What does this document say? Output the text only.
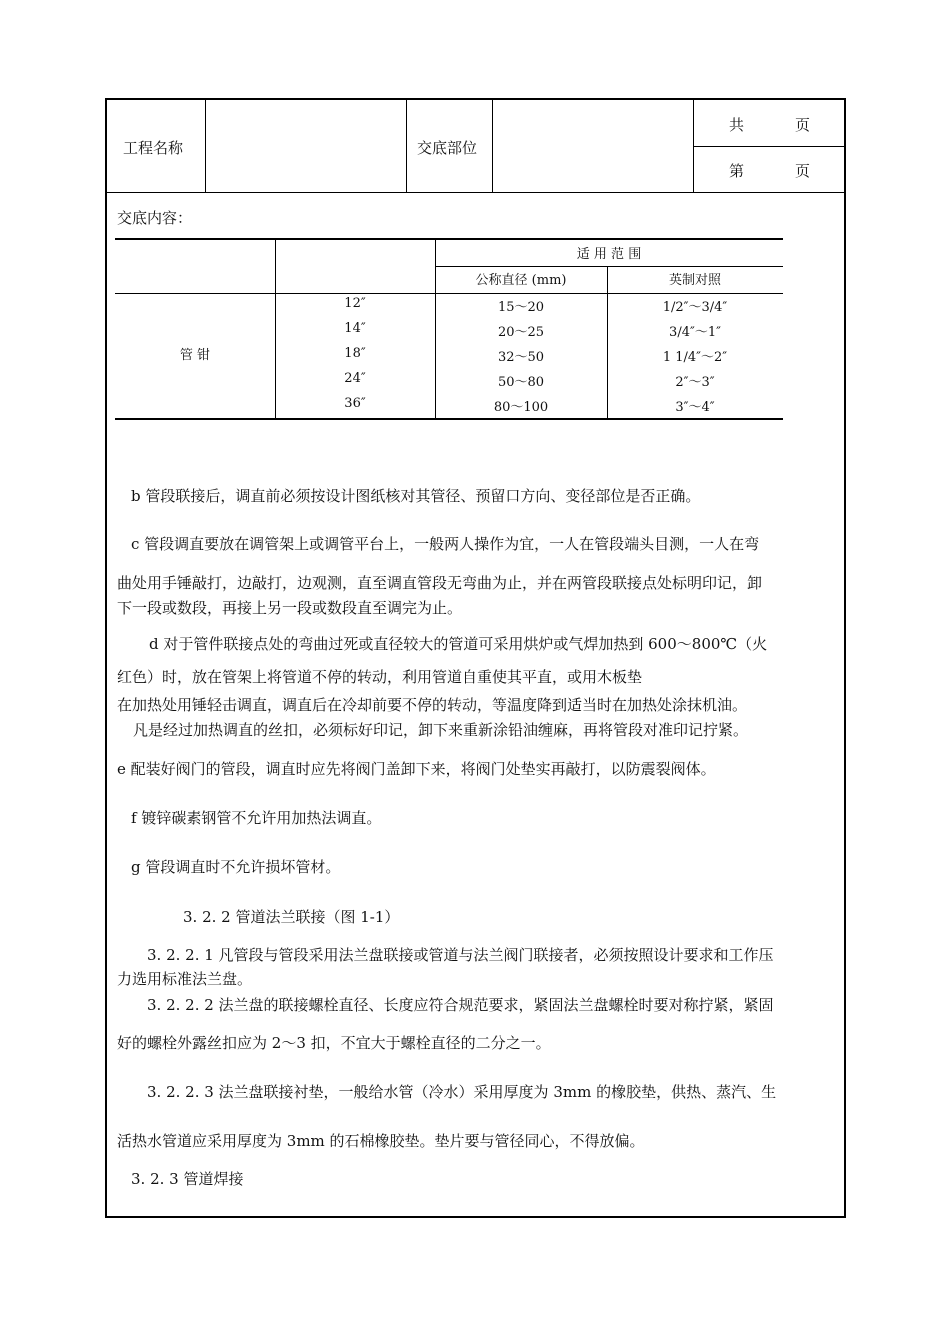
工程名称	交底部位
共	页
第	页
交底内容：
适 用 范 围
公称直径 (mm)	英制对照
管 钳
12″	15～20	1/2″～3/4″
14″	20～25	3/4″～1″
18″	32～50	1 1/4″～2″
24″	50～80	2″～3″
36″	80～100	3″～4″
b 管段联接后，调直前必须按设计图纸核对其管径、预留口方向、变径部位是否正确。
c 管段调直要放在调管架上或调管平台上，一般两人操作为宜，一人在管段端头目测，一人在弯
曲处用手锤敲打，边敲打，边观测，直至调直管段无弯曲为止，并在两管段联接点处标明印记，卸
下一段或数段，再接上另一段或数段直至调完为止。
d 对于管件联接点处的弯曲过死或直径较大的管道可采用烘炉或气焊加热到 600～800℃（火
红色）时，放在管架上将管道不停的转动，利用管道自重使其平直，或用木板垫
在加热处用锤轻击调直，调直后在冷却前要不停的转动，等温度降到适当时在加热处涂抹机油。
凡是经过加热调直的丝扣，必须标好印记，卸下来重新涂铅油缠麻，再将管段对准印记拧紧。
e 配装好阀门的管段，调直时应先将阀门盖卸下来，将阀门处垫实再敲打，以防震裂阀体。
f 镀锌碳素钢管不允许用加热法调直。
g 管段调直时不允许损坏管材。
3. 2. 2 管道法兰联接（图 1-1）
3. 2. 2. 1 凡管段与管段采用法兰盘联接或管道与法兰阀门联接者，必须按照设计要求和工作压
力选用标准法兰盘。
3. 2. 2. 2 法兰盘的联接螺栓直径、长度应符合规范要求，紧固法兰盘螺栓时要对称拧紧，紧固
好的螺栓外露丝扣应为 2～3 扣，不宜大于螺栓直径的二分之一。
3. 2. 2. 3 法兰盘联接衬垫，一般给水管（冷水）采用厚度为 3mm 的橡胶垫，供热、蒸汽、生
活热水管道应采用厚度为 3mm 的石棉橡胶垫。垫片要与管径同心，不得放偏。
3. 2. 3 管道焊接
